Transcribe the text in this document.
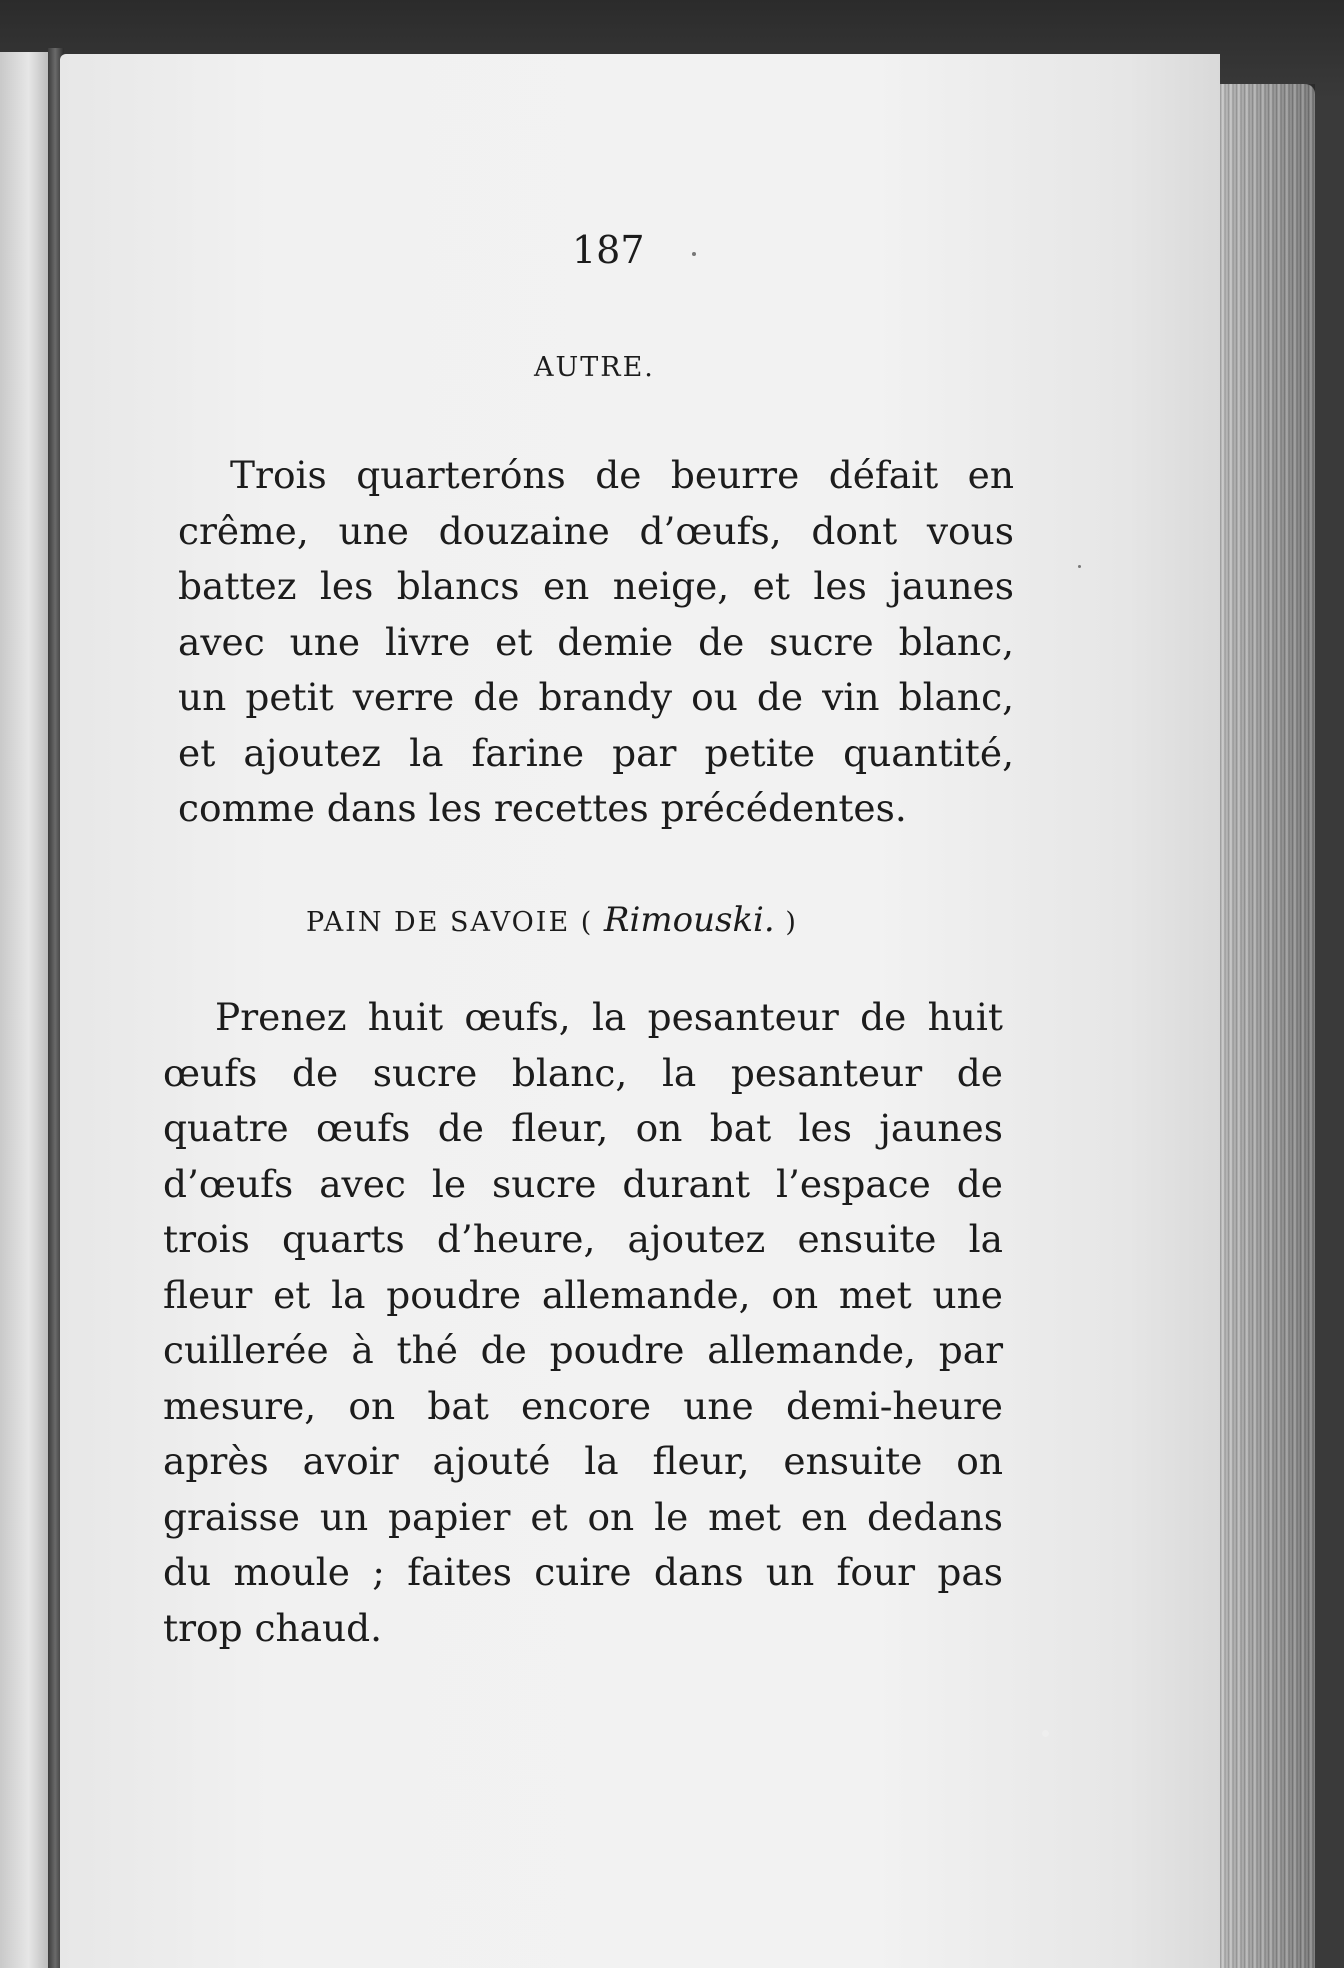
187
AUTRE.
Trois quarteróns de beurre défait en
crême, une douzaine d’œufs, dont vous
battez les blancs en neige, et les jaunes
avec une livre et demie de sucre blanc,
un petit verre de brandy ou de vin blanc,
et ajoutez la farine par petite quantité,
comme dans les recettes précédentes.
PAIN DE SAVOIE ( Rimouski. )
Prenez huit œufs, la pesanteur de huit
œufs de sucre blanc, la pesanteur de
quatre œufs de fleur, on bat les jaunes
d’œufs avec le sucre durant l’espace de
trois quarts d’heure, ajoutez ensuite la
fleur et la poudre allemande, on met une
cuillerée à thé de poudre allemande, par
mesure, on bat encore une demi-heure
après avoir ajouté la fleur, ensuite on
graisse un papier et on le met en dedans
du moule ; faites cuire dans un four pas
trop chaud.
